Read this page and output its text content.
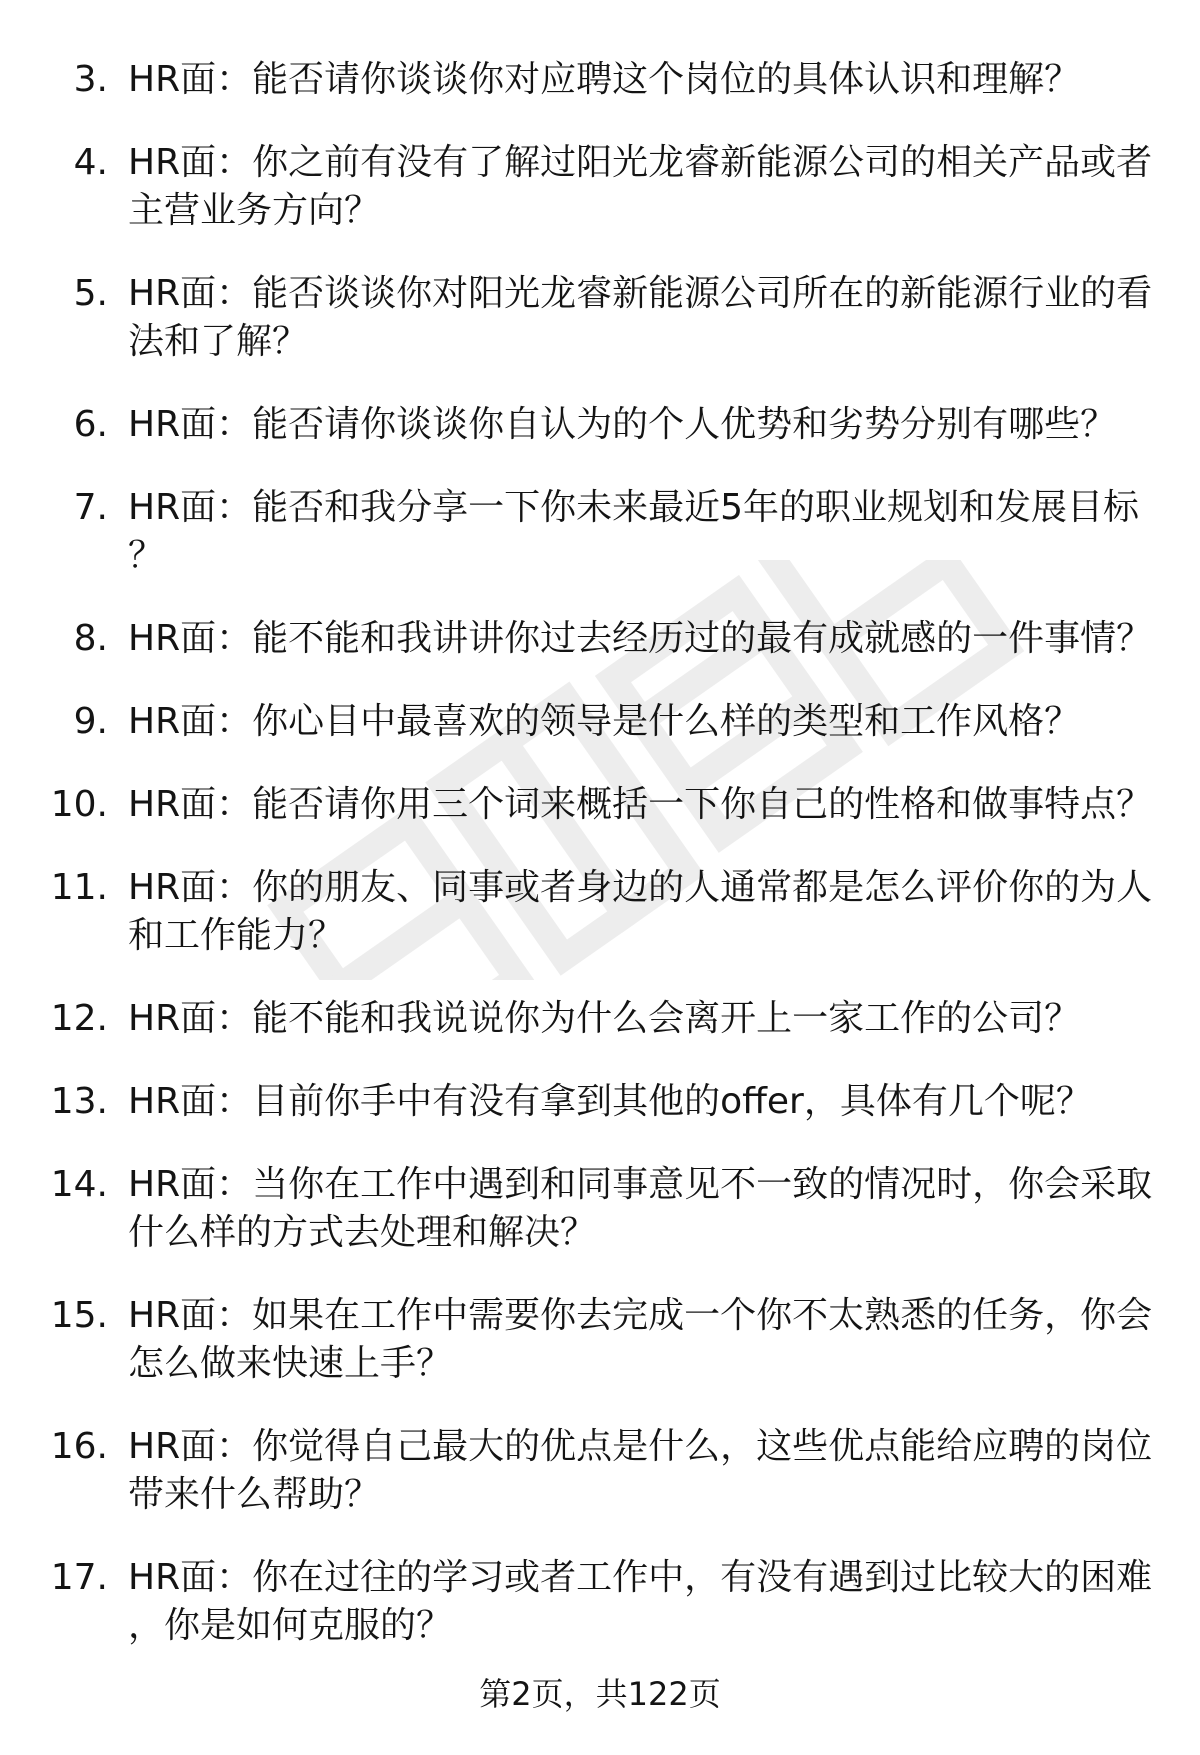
3. HR面：能否请你谈谈你对应聘这个岗位的具体认识和理解？
4. HR面：你之前有没有了解过阳光龙睿新能源公司的相关产品或者主营业务方向？
5. HR面：能否谈谈你对阳光龙睿新能源公司所在的新能源行业的看法和了解？
6. HR面：能否请你谈谈你自认为的个人优势和劣势分别有哪些？
7. HR面：能否和我分享一下你未来最近5年的职业规划和发展目标？
8. HR面：能不能和我讲讲你过去经历过的最有成就感的一件事情？
9. HR面：你心目中最喜欢的领导是什么样的类型和工作风格？
10. HR面：能否请你用三个词来概括一下你自己的性格和做事特点？
11. HR面：你的朋友、同事或者身边的人通常都是怎么评价你的为人和工作能力？
12. HR面：能不能和我说说你为什么会离开上一家工作的公司？
13. HR面：目前你手中有没有拿到其他的offer，具体有几个呢？
14. HR面：当你在工作中遇到和同事意见不一致的情况时，你会采取什么样的方式去处理和解决？
15. HR面：如果在工作中需要你去完成一个你不太熟悉的任务，你会怎么做来快速上手？
16. HR面：你觉得自己最大的优点是什么，这些优点能给应聘的岗位带来什么帮助？
17. HR面：你在过往的学习或者工作中，有没有遇到过比较大的困难，你是如何克服的？
第2页，共122页
